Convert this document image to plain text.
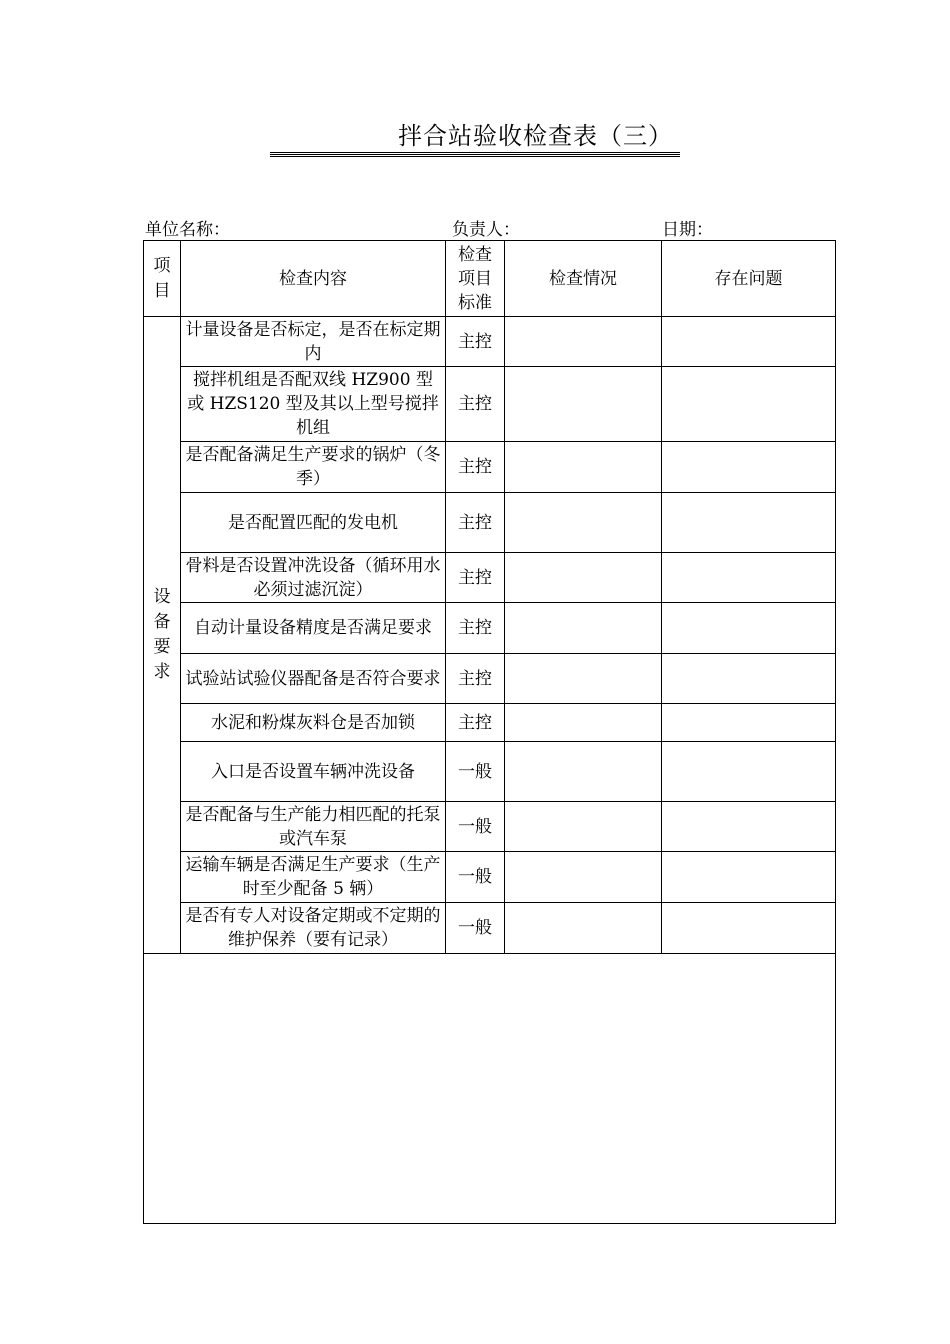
拌合站验收检查表（三）
单位名称：	负责人：	日期：
项目	检查内容	检查项目标准	检查情况	存在问题
设备要求	计量设备是否标定，是否在标定期内	主控		
	搅拌机组是否配双线 HZ900 型或 HZS120 型及其以上型号搅拌机组	主控		
	是否配备满足生产要求的锅炉（冬季）	主控		
	是否配置匹配的发电机	主控		
	骨料是否设置冲洗设备（循环用水必须过滤沉淀）	主控		
	自动计量设备精度是否满足要求	主控		
	试验站试验仪器配备是否符合要求	主控		
	水泥和粉煤灰料仓是否加锁	主控		
	入口是否设置车辆冲洗设备	一般		
	是否配备与生产能力相匹配的托泵或汽车泵	一般		
	运输车辆是否满足生产要求（生产时至少配备 5 辆）	一般		
	是否有专人对设备定期或不定期的维护保养（要有记录）	一般		
